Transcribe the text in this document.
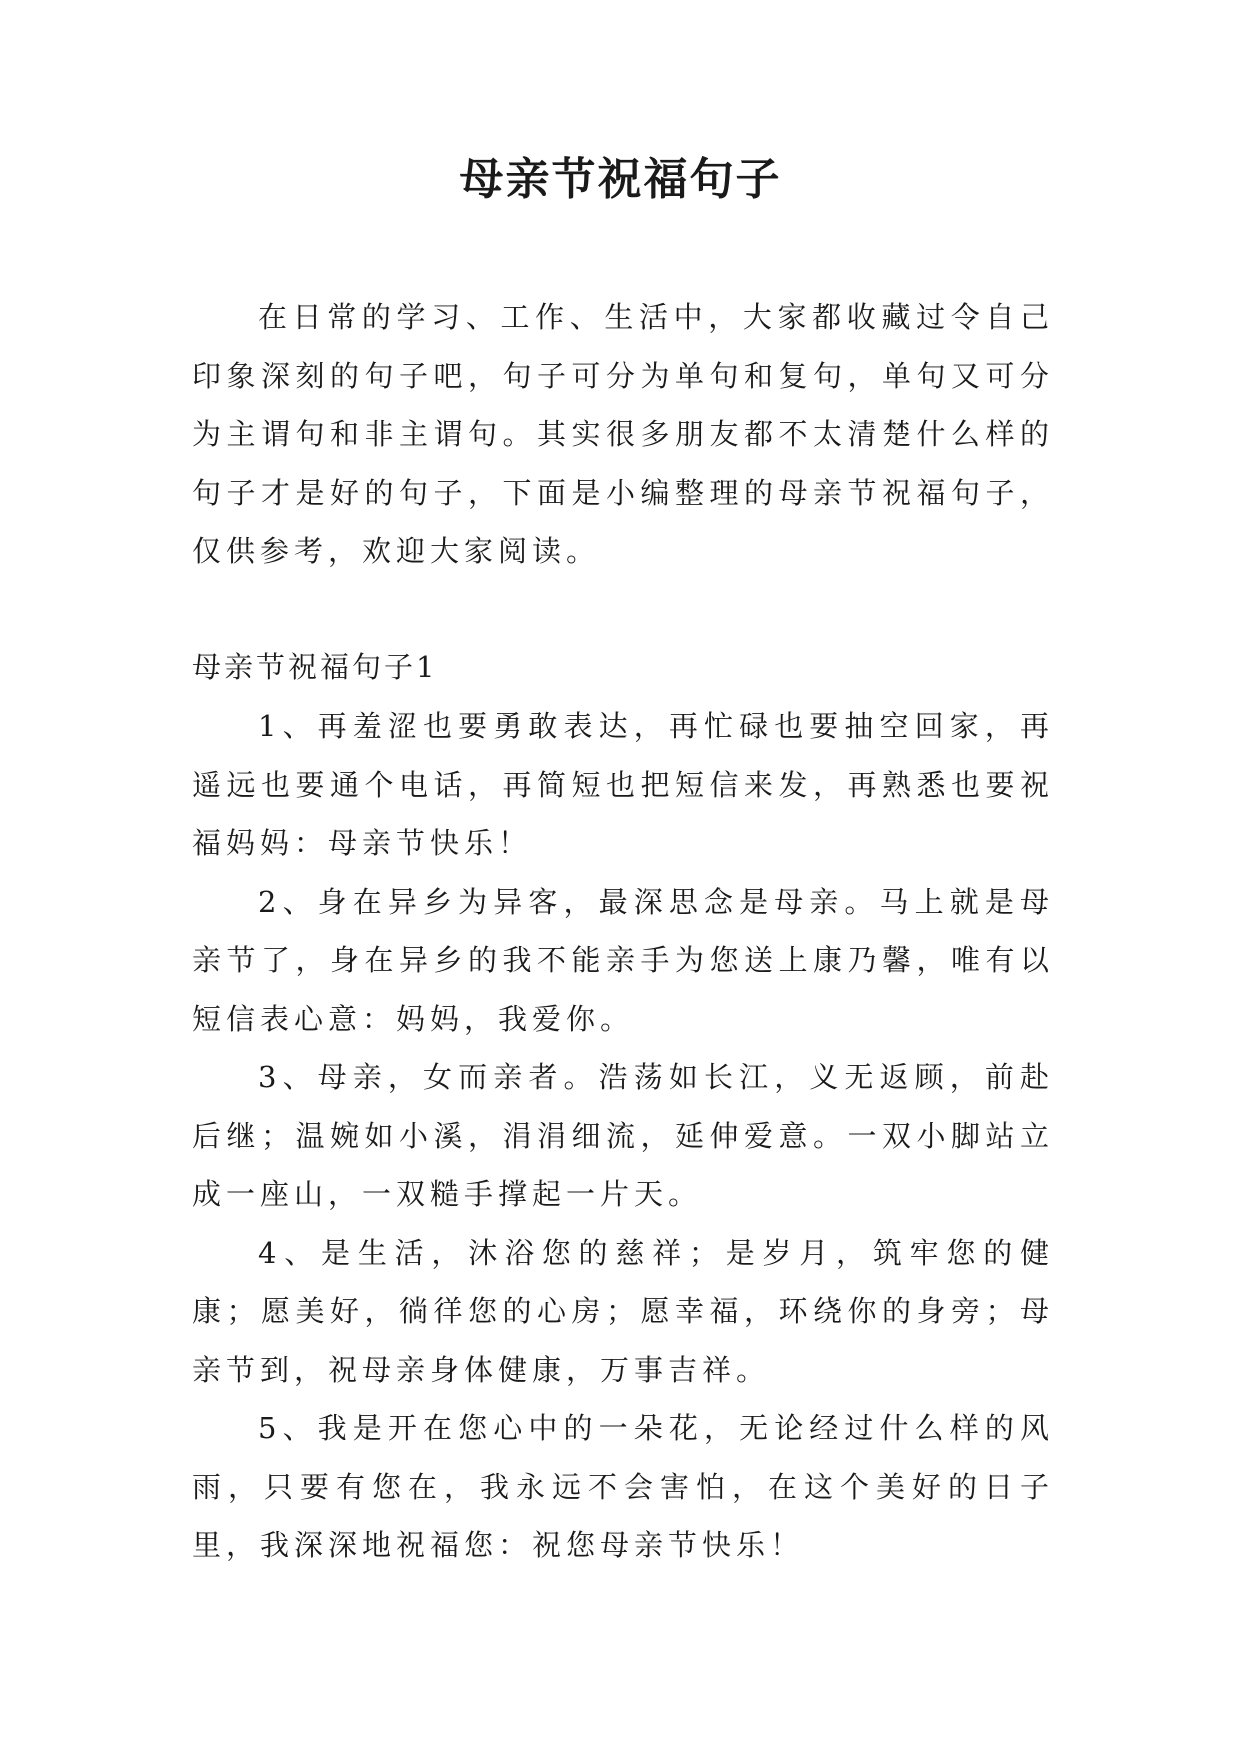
母亲节祝福句子

在日常的学习、工作、生活中，大家都收藏过令自己印象深刻的句子吧，句子可分为单句和复句，单句又可分为主谓句和非主谓句。其实很多朋友都不太清楚什么样的句子才是好的句子，下面是小编整理的母亲节祝福句子，仅供参考，欢迎大家阅读。

母亲节祝福句子1

1、再羞涩也要勇敢表达，再忙碌也要抽空回家，再遥远也要通个电话，再简短也把短信来发，再熟悉也要祝福妈妈：母亲节快乐！

2、身在异乡为异客，最深思念是母亲。马上就是母亲节了，身在异乡的我不能亲手为您送上康乃馨，唯有以短信表心意：妈妈，我爱你。

3、母亲，女而亲者。浩荡如长江，义无返顾，前赴后继；温婉如小溪，涓涓细流，延伸爱意。一双小脚站立成一座山，一双糙手撑起一片天。

4、是生活，沐浴您的慈祥；是岁月，筑牢您的健康；愿美好，徜徉您的心房；愿幸福，环绕你的身旁；母亲节到，祝母亲身体健康，万事吉祥。

5、我是开在您心中的一朵花，无论经过什么样的风雨，只要有您在，我永远不会害怕，在这个美好的日子里，我深深地祝福您：祝您母亲节快乐！
